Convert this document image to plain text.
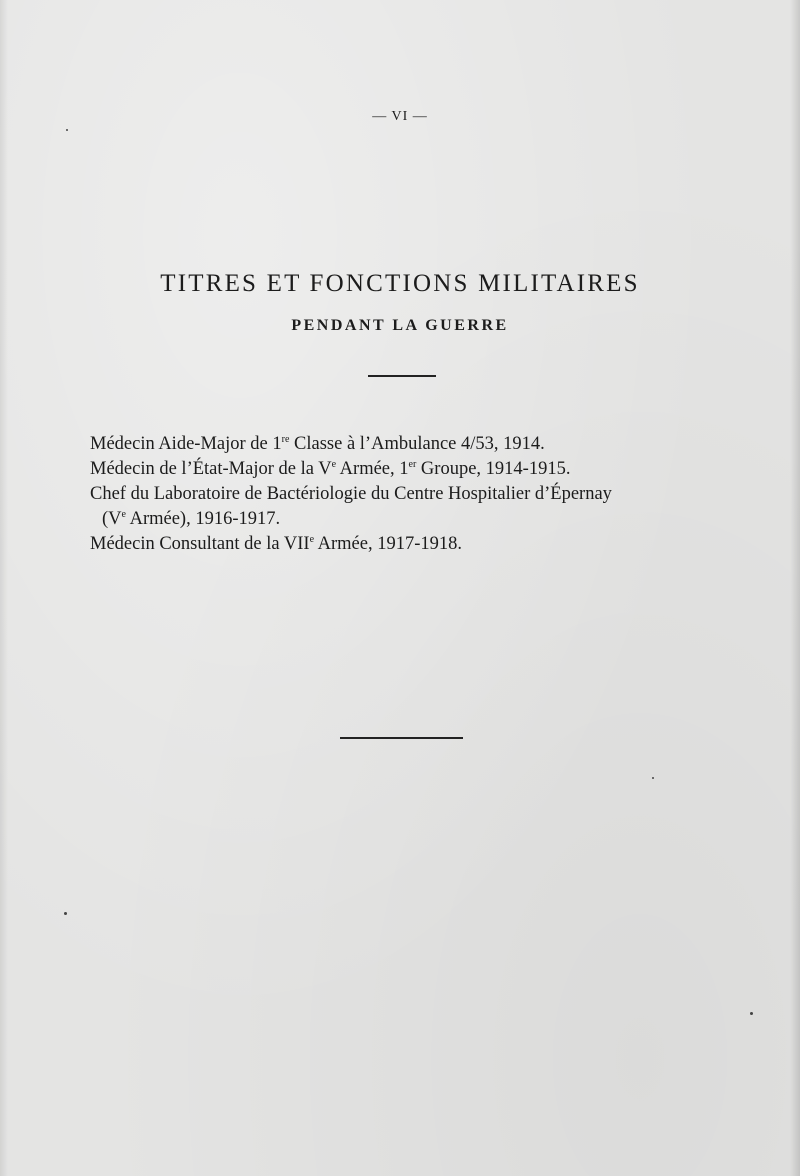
— VI —
TITRES ET FONCTIONS MILITAIRES
PENDANT LA GUERRE
Médecin Aide-Major de 1re Classe à l’Ambulance 4/53, 1914.
Médecin de l’État-Major de la Ve Armée, 1er Groupe, 1914-1915.
Chef du Laboratoire de Bactériologie du Centre Hospitalier d’Épernay
(Ve Armée), 1916-1917.
Médecin Consultant de la VIIe Armée, 1917-1918.
